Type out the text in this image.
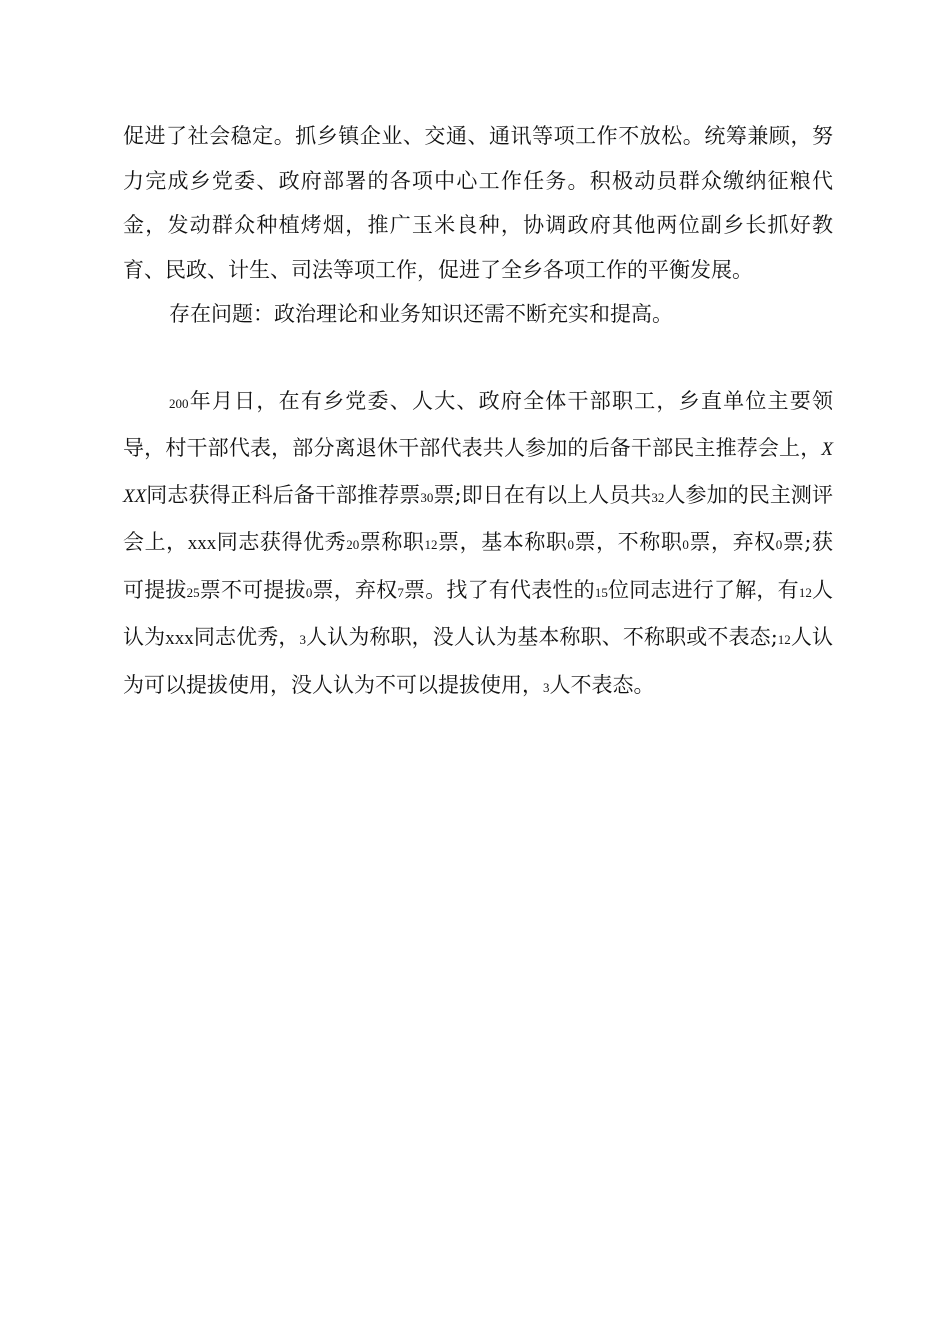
促进了社会稳定。抓乡镇企业、交通、通讯等项工作不放松。统筹兼顾，努力完成乡党委、政府部署的各项中心工作任务。积极动员群众缴纳征粮代金，发动群众种植烤烟，推广玉米良种，协调政府其他两位副乡长抓好教育、民政、计生、司法等项工作，促进了全乡各项工作的平衡发展。

存在问题：政治理论和业务知识还需不断充实和提高。

200年月日，在有乡党委、人大、政府全体干部职工，乡直单位主要领导，村干部代表，部分离退休干部代表共人参加的后备干部民主推荐会上，XXX同志获得正科后备干部推荐票30票;即日在有以上人员共32人参加的民主测评会上，xxx同志获得优秀20票称职12票，基本称职0票，不称职0票，弃权0票;获可提拔25票不可提拔0票，弃权7票。找了有代表性的15位同志进行了解，有12人认为xxx同志优秀，3人认为称职，没人认为基本称职、不称职或不表态;12人认为可以提拔使用，没人认为不可以提拔使用，3人不表态。
